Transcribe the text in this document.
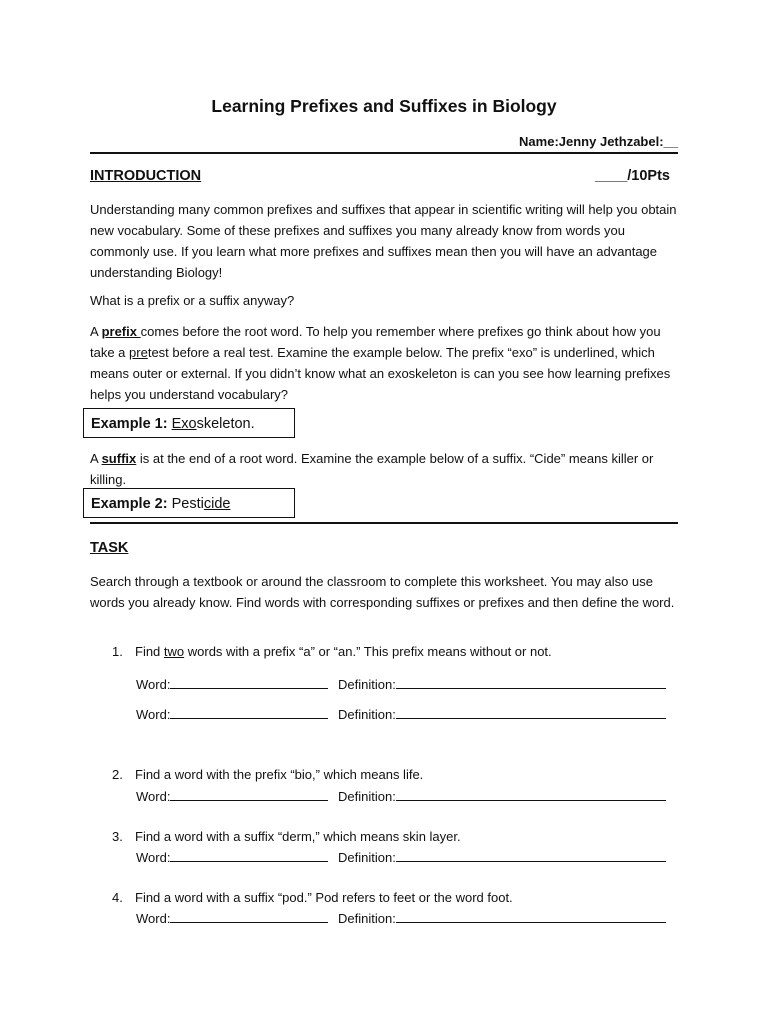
Learning Prefixes and Suffixes in Biology
Name:Jenny Jethzabel:__
INTRODUCTION	____/10Pts

Understanding many common prefixes and suffixes that appear in scientific writing will help you obtain new vocabulary. Some of these prefixes and suffixes you many already know from words you commonly use. If you learn what more prefixes and suffixes mean then you will have an advantage understanding Biology!

What is a prefix or a suffix anyway?

A prefix comes before the root word. To help you remember where prefixes go think about how you take a pretest before a real test. Examine the example below. The prefix “exo” is underlined, which means outer or external. If you didn’t know what an exoskeleton is can you see how learning prefixes helps you understand vocabulary?

Example 1: Exoskeleton.

A suffix is at the end of a root word. Examine the example below of a suffix. “Cide” means killer or killing.

Example 2: Pesticide
TASK

Search through a textbook or around the classroom to complete this worksheet. You may also use words you already know. Find words with corresponding suffixes or prefixes and then define the word.

1. Find two words with a prefix “a” or “an.” This prefix means without or not.
Word:	Definition:
Word:	Definition:
2. Find a word with the prefix “bio,” which means life.
Word:	Definition:
3. Find a word with a suffix “derm,” which means skin layer.
Word:	Definition:
4. Find a word with a suffix “pod.” Pod refers to feet or the word foot.
Word:	Definition:
